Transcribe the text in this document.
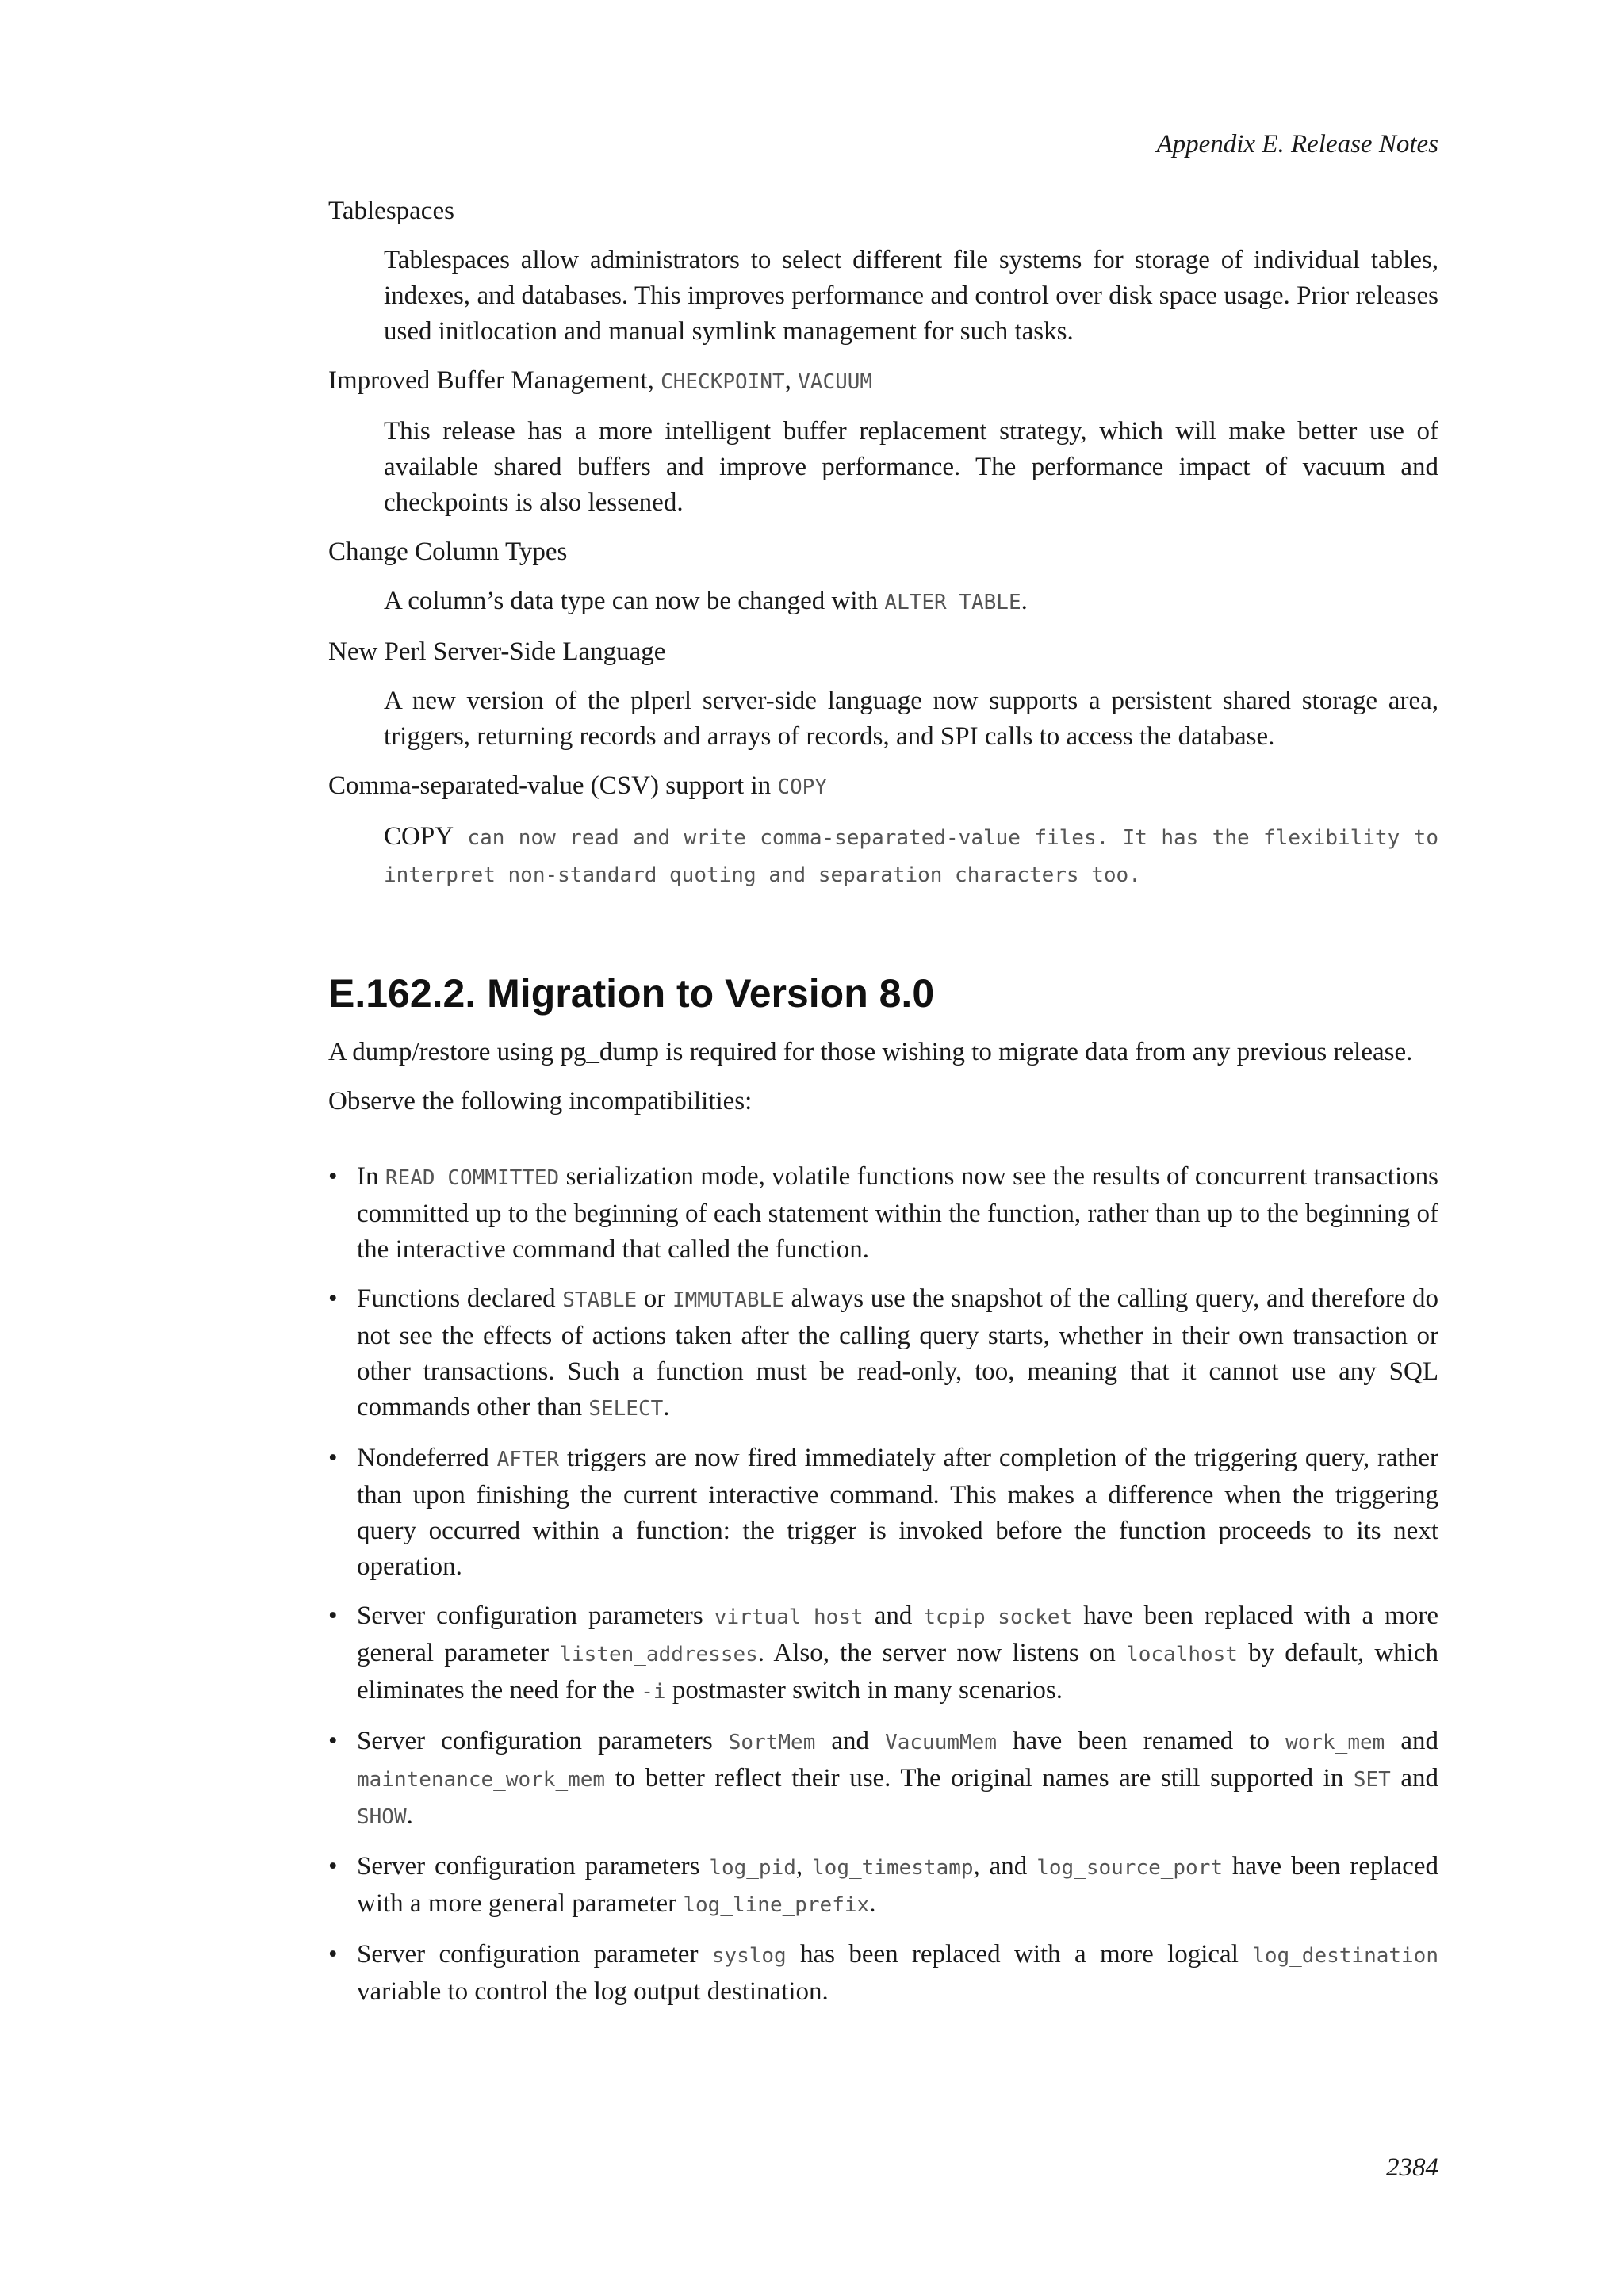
Appendix E. Release Notes
Tablespaces
Tablespaces allow administrators to select different file systems for storage of individual tables, indexes, and databases. This improves performance and control over disk space usage. Prior releases used initlocation and manual symlink management for such tasks.
Improved Buffer Management, CHECKPOINT, VACUUM
This release has a more intelligent buffer replacement strategy, which will make better use of available shared buffers and improve performance. The performance impact of vacuum and checkpoints is also lessened.
Change Column Types
A column’s data type can now be changed with ALTER TABLE.
New Perl Server-Side Language
A new version of the plperl server-side language now supports a persistent shared storage area, triggers, returning records and arrays of records, and SPI calls to access the database.
Comma-separated-value (CSV) support in COPY
COPY can now read and write comma-separated-value files. It has the flexibility to interpret non-standard quoting and separation characters too.
E.162.2. Migration to Version 8.0

A dump/restore using pg_dump is required for those wishing to migrate data from any previous release.

Observe the following incompatibilities:

• In READ COMMITTED serialization mode, volatile functions now see the results of concurrent transactions committed up to the beginning of each statement within the function, rather than up to the beginning of the interactive command that called the function.
• Functions declared STABLE or IMMUTABLE always use the snapshot of the calling query, and therefore do not see the effects of actions taken after the calling query starts, whether in their own transaction or other transactions. Such a function must be read-only, too, meaning that it cannot use any SQL commands other than SELECT.
• Nondeferred AFTER triggers are now fired immediately after completion of the triggering query, rather than upon finishing the current interactive command. This makes a difference when the triggering query occurred within a function: the trigger is invoked before the function proceeds to its next operation.
• Server configuration parameters virtual_host and tcpip_socket have been replaced with a more general parameter listen_addresses. Also, the server now listens on localhost by default, which eliminates the need for the -i postmaster switch in many scenarios.
• Server configuration parameters SortMem and VacuumMem have been renamed to work_mem and maintenance_work_mem to better reflect their use. The original names are still supported in SET and SHOW.
• Server configuration parameters log_pid, log_timestamp, and log_source_port have been replaced with a more general parameter log_line_prefix.
• Server configuration parameter syslog has been replaced with a more logical log_destination variable to control the log output destination.
2384
